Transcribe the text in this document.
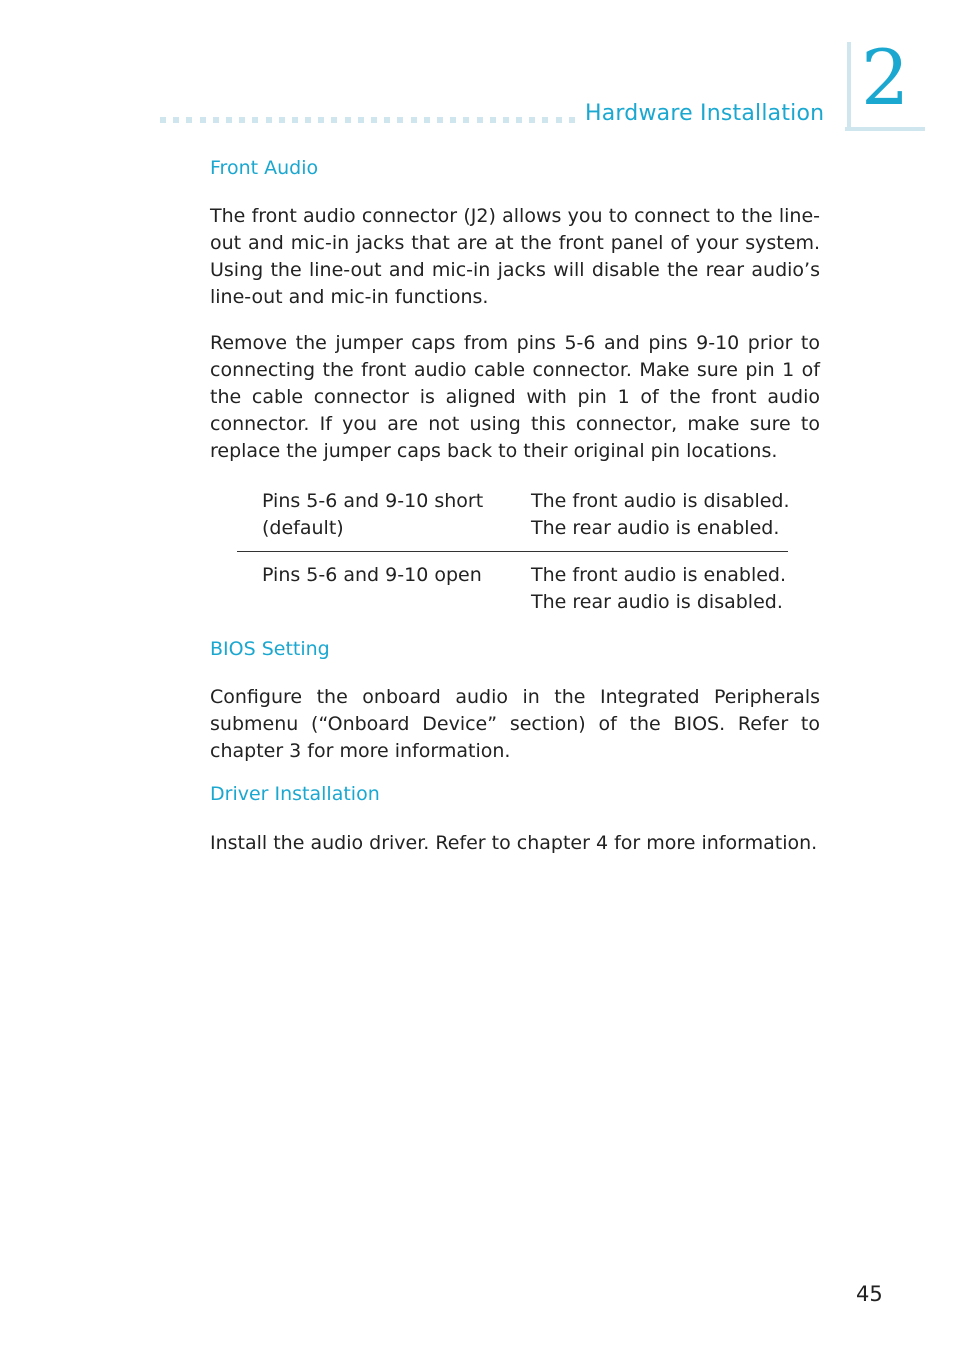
Hardware Installation 2
Front Audio

The front audio connector (J2) allows you to connect to the line-out and mic-in jacks that are at the front panel of your system. Using the line-out and mic-in jacks will disable the rear audio’s line-out and mic-in functions.

Remove the jumper caps from pins 5-6 and pins 9-10 prior to connecting the front audio cable connector. Make sure pin 1 of the cable connector is aligned with pin 1 of the front audio connector. If you are not using this connector, make sure to replace the jumper caps back to their original pin locations.

Pins 5-6 and 9-10 short
(default)
The front audio is disabled.
The rear audio is enabled.
Pins 5-6 and 9-10 open	The front audio is enabled.
The rear audio is disabled.
BIOS Setting

Configure the onboard audio in the Integrated Peripherals submenu (“Onboard Device” section) of the BIOS. Refer to chapter 3 for more information.

Driver Installation

Install the audio driver. Refer to chapter 4 for more information.

45
